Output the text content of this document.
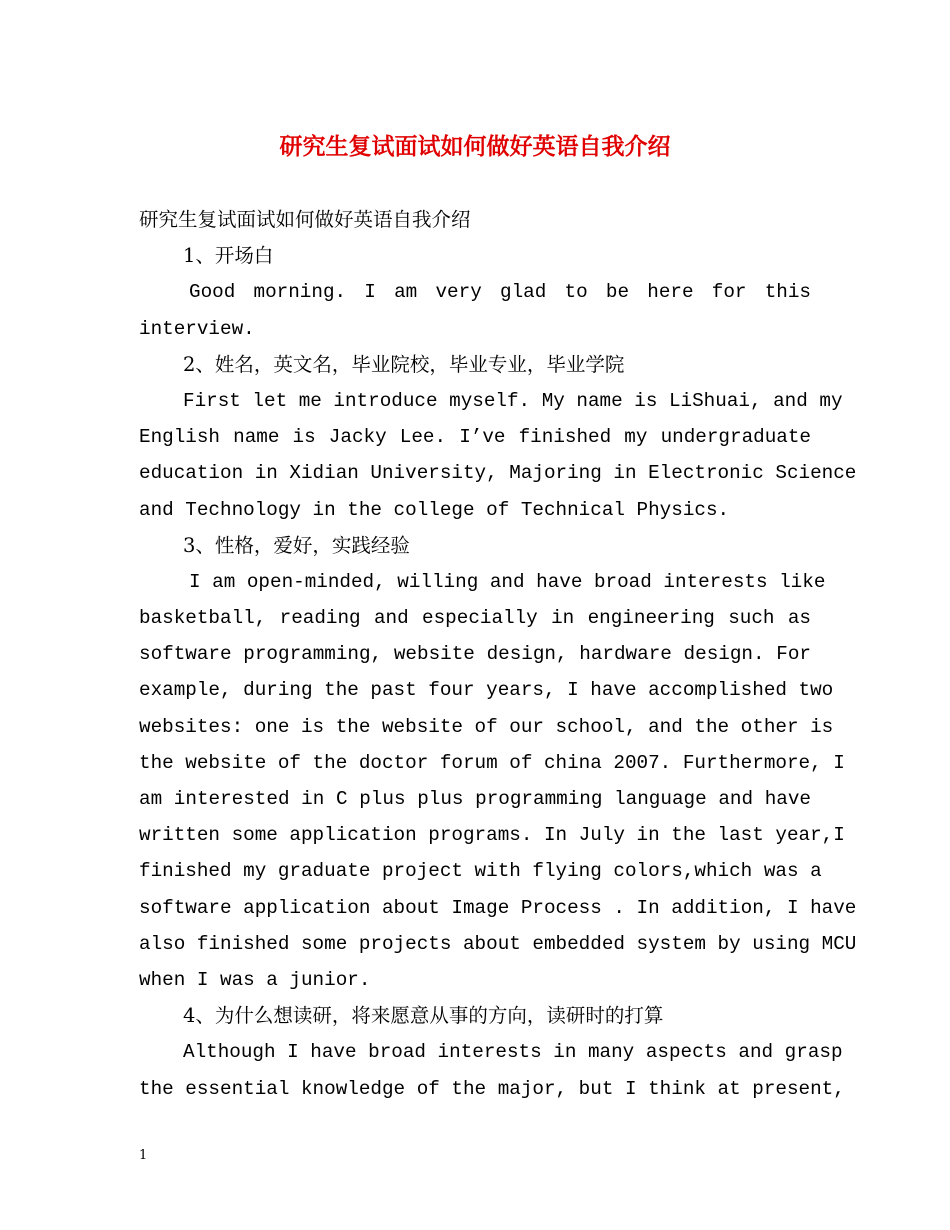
研究生复试面试如何做好英语自我介绍
研究生复试面试如何做好英语自我介绍
1、开场白
Good morning. I am very glad to be here for this
interview.
2、姓名，英文名，毕业院校，毕业专业，毕业学院
First let me introduce myself. My name is LiShuai, and my
English name is Jacky Lee. I’ve finished my undergraduate
education in Xidian University, Majoring in Electronic Science
and Technology in the college of Technical Physics.
3、性格，爱好，实践经验
I am open-minded, willing and have broad interests like
basketball, reading and especially in engineering such as
software programming, website design, hardware design. For
example, during the past four years, I have accomplished two
websites: one is the website of our school, and the other is
the website of the doctor forum of china 2007. Furthermore, I
am interested in C plus plus programming language and have
written some application programs. In July in the last year,I
finished my graduate project with flying colors,which was a
software application about Image Process . In addition, I have
also finished some projects about embedded system by using MCU
when I was a junior.
4、为什么想读研，将来愿意从事的方向，读研时的打算
Although I have broad interests in many aspects and grasp
the essential knowledge of the major, but I think at present,
1
